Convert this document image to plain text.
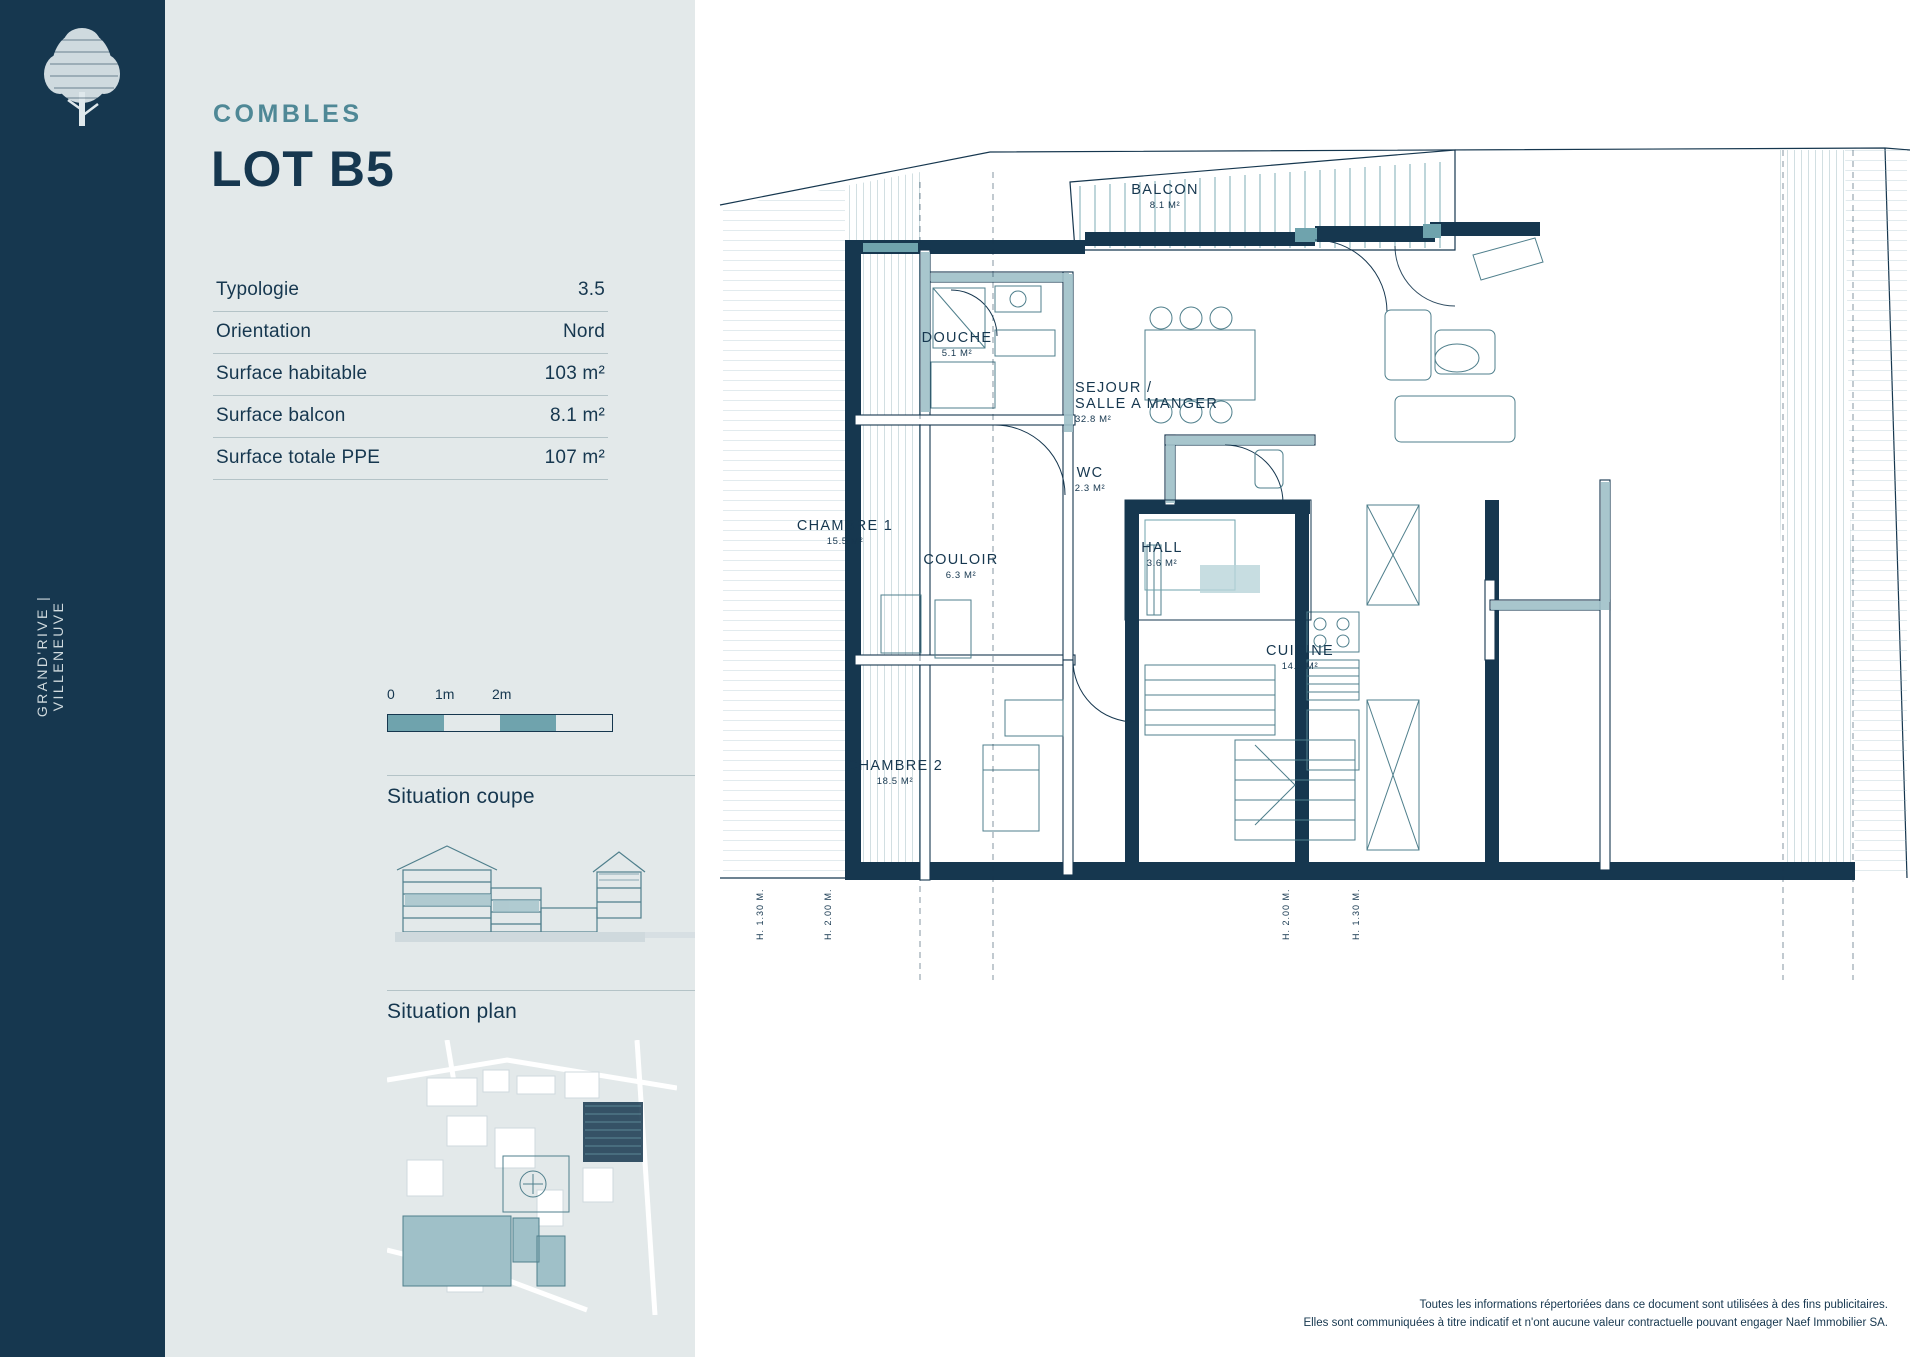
GRAND'RIVE | VILLENEUVE
COMBLES
LOT B5
Typologie	3.5
Orientation	Nord
Surface habitable	103 m²
Surface balcon	8.1 m²
Surface totale PPE	107 m²
0	1m	2m
Situation coupe
Situation plan
BALCON
8.1 M²
DOUCHE
5.1 M²
SEJOUR /
SALLE A MANGER
32.8 M²
WC
2.3 M²
CHAMBRE 1
15.5 M²
COULOIR
6.3 M²
HALL
3.6 M²
CUISINE
14.5 M²
CHAMBRE 2
18.5 M²
H. 1.30 M.	H. 2.00 M.	H. 2.00 M.	H. 1.30 M.
Toutes les informations répertoriées dans ce document sont utilisées à des fins publicitaires.
Elles sont communiquées à titre indicatif et n'ont aucune valeur contractuelle pouvant engager Naef Immobilier SA.
